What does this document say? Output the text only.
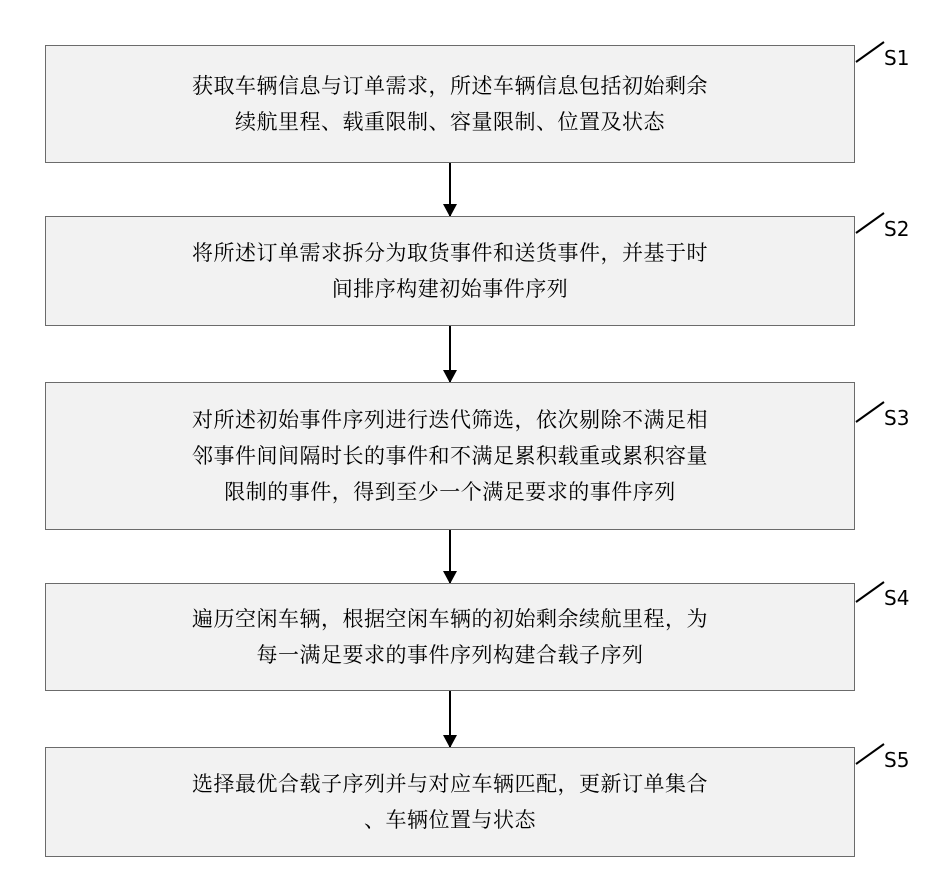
获取车辆信息与订单需求，所述车辆信息包括初始剩余
续航里程、载重限制、容量限制、位置及状态
S1
将所述订单需求拆分为取货事件和送货事件，并基于时
间排序构建初始事件序列
S2
对所述初始事件序列进行迭代筛选，依次剔除不满足相
邻事件间间隔时长的事件和不满足累积载重或累积容量
限制的事件，得到至少一个满足要求的事件序列
S3
遍历空闲车辆，根据空闲车辆的初始剩余续航里程，为
每一满足要求的事件序列构建合载子序列
S4
选择最优合载子序列并与对应车辆匹配，更新订单集合
、车辆位置与状态
S5
